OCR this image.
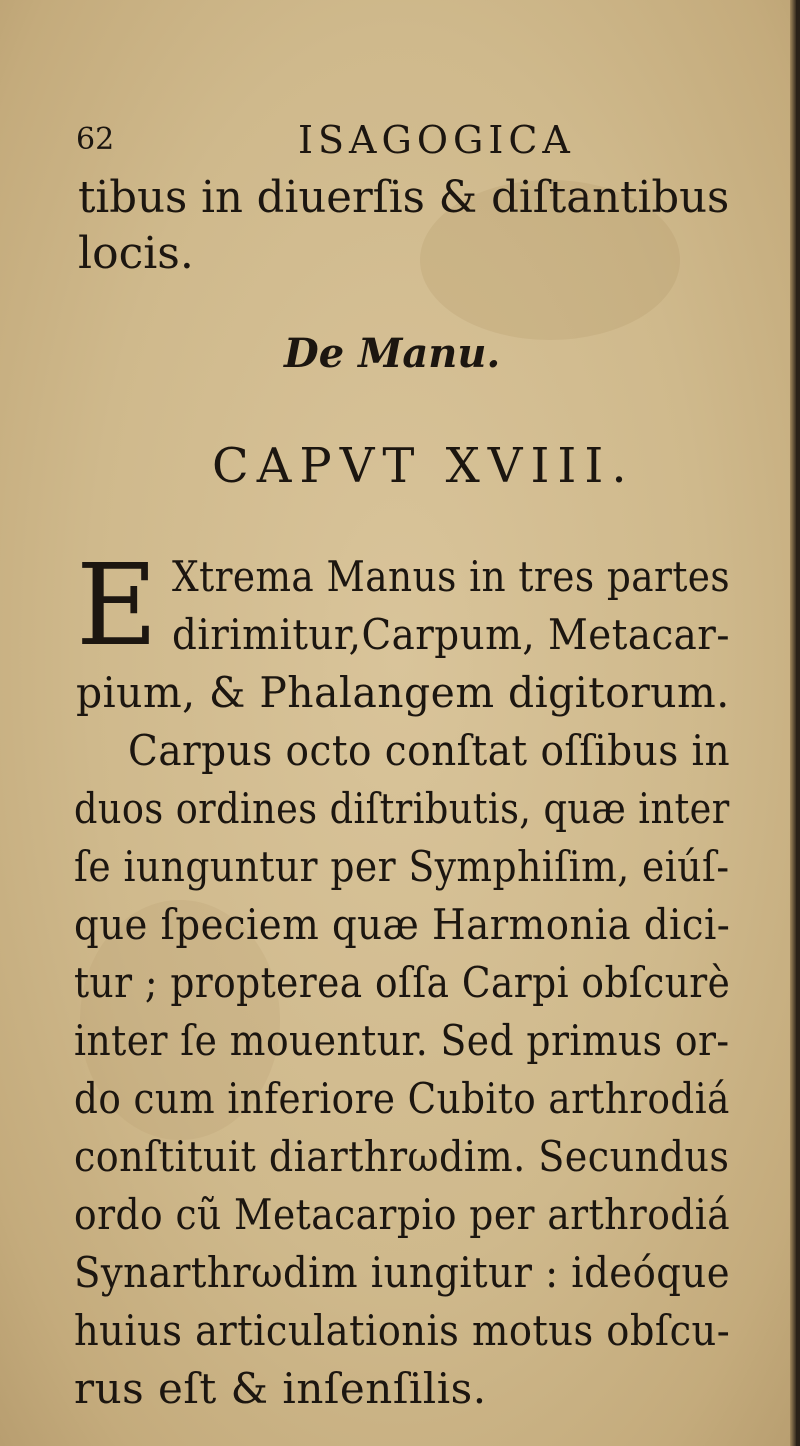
62	ISAGOGICA
tibus in diuerſis & diſtantibus
locis.
De Manu.
CAPVT XVIII.
E Xtrema Manus in tres partes
dirimitur,Carpum, Metacar-
pium, & Phalangem digitorum.
Carpus octo conſtat oſſibus in
duos ordines diſtributis, quæ inter
ſe iunguntur per Symphiſim, eiúſ-
que ſpeciem quæ Harmonia dici-
tur ; propterea oſſa Carpi obſcurè
inter ſe mouentur. Sed primus or-
do cum inferiore Cubito arthrodiá
conſtituit diarthrωdim. Secundus
ordo cũ Metacarpio per arthrodiá
Synarthrωdim iungitur : ideóque
huius articulationis motus obſcu-
rus eſt & inſenſilis.
